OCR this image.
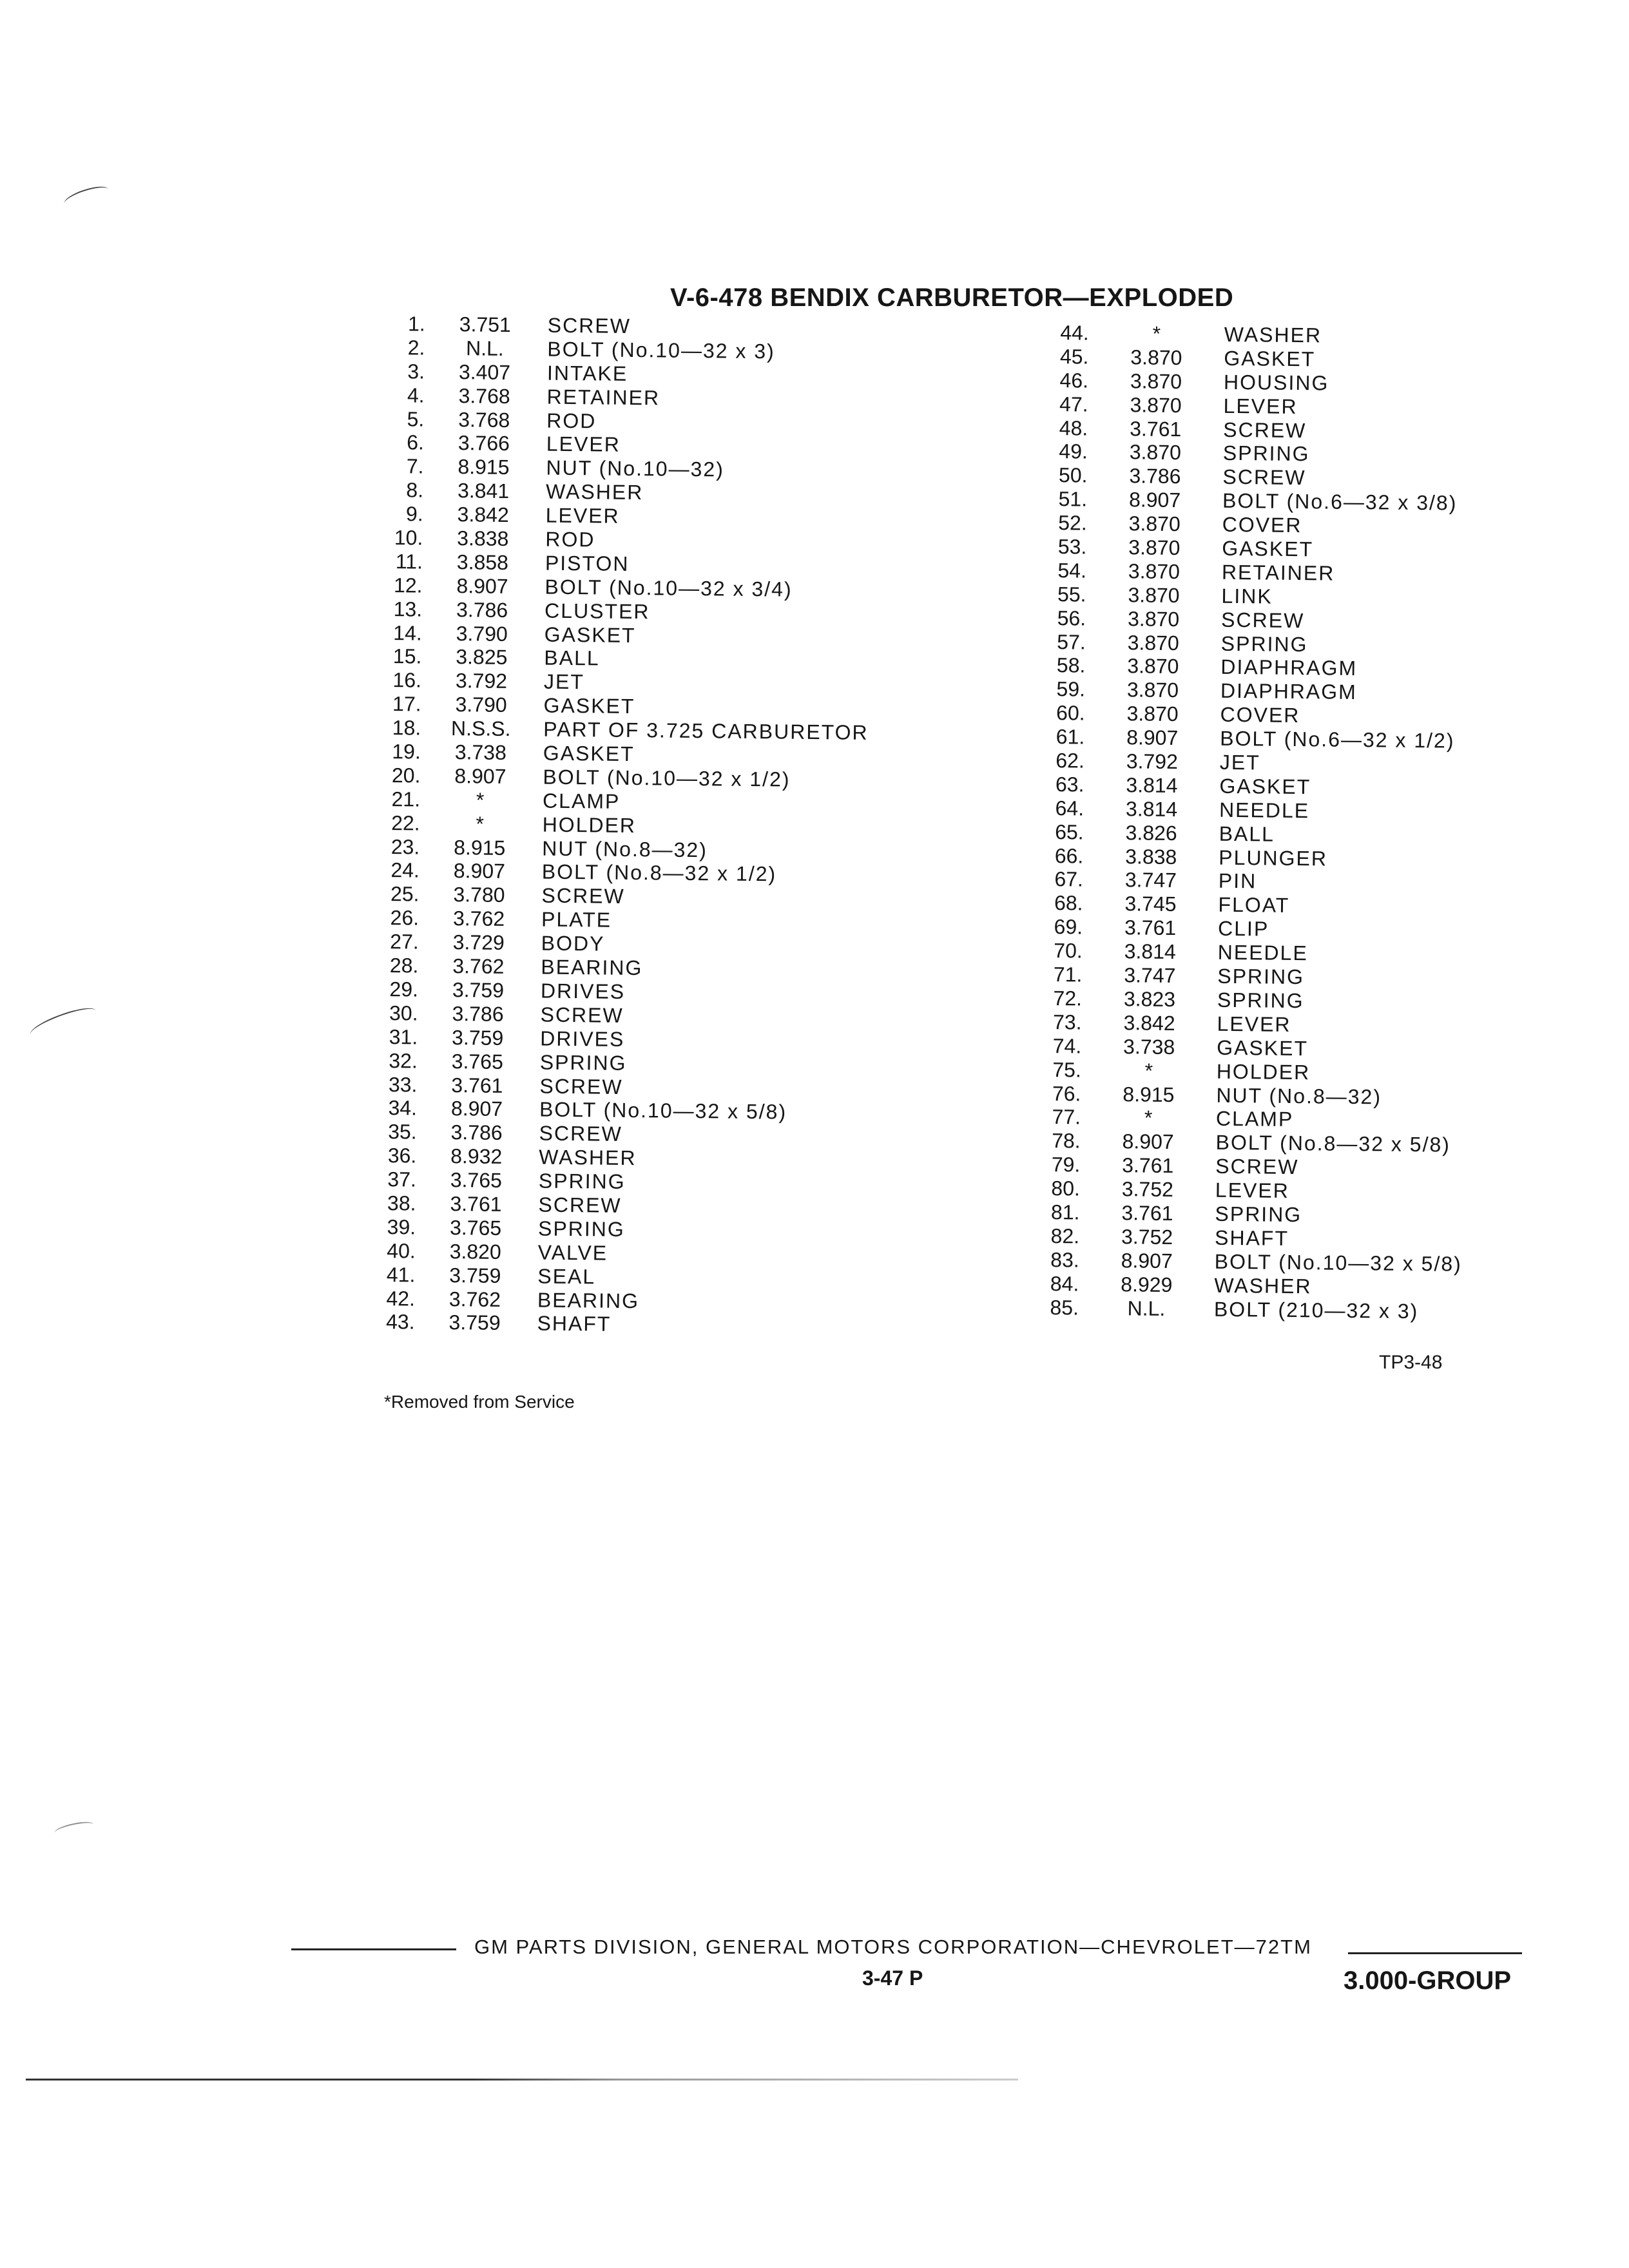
V-6-478 BENDIX CARBURETOR—EXPLODED
1.	3.751	SCREW
2.	N.L.	BOLT (No.10—32 x 3)
3.	3.407	INTAKE
4.	3.768	RETAINER
5.	3.768	ROD
6.	3.766	LEVER
7.	8.915	NUT (No.10—32)
8.	3.841	WASHER
9.	3.842	LEVER
10.	3.838	ROD
11.	3.858	PISTON
12.	8.907	BOLT (No.10—32 x 3/4)
13.	3.786	CLUSTER
14.	3.790	GASKET
15.	3.825	BALL
16.	3.792	JET
17.	3.790	GASKET
18.	N.S.S.	PART OF 3.725 CARBURETOR
19.	3.738	GASKET
20.	8.907	BOLT (No.10—32 x 1/2)
21.	*	CLAMP
22.	*	HOLDER
23.	8.915	NUT (No.8—32)
24.	8.907	BOLT (No.8—32 x 1/2)
25.	3.780	SCREW
26.	3.762	PLATE
27.	3.729	BODY
28.	3.762	BEARING
29.	3.759	DRIVES
30.	3.786	SCREW
31.	3.759	DRIVES
32.	3.765	SPRING
33.	3.761	SCREW
34.	8.907	BOLT (No.10—32 x 5/8)
35.	3.786	SCREW
36.	8.932	WASHER
37.	3.765	SPRING
38.	3.761	SCREW
39.	3.765	SPRING
40.	3.820	VALVE
41.	3.759	SEAL
42.	3.762	BEARING
43.	3.759	SHAFT
44.	*	WASHER
45.	3.870	GASKET
46.	3.870	HOUSING
47.	3.870	LEVER
48.	3.761	SCREW
49.	3.870	SPRING
50.	3.786	SCREW
51.	8.907	BOLT (No.6—32 x 3/8)
52.	3.870	COVER
53.	3.870	GASKET
54.	3.870	RETAINER
55.	3.870	LINK
56.	3.870	SCREW
57.	3.870	SPRING
58.	3.870	DIAPHRAGM
59.	3.870	DIAPHRAGM
60.	3.870	COVER
61.	8.907	BOLT (No.6—32 x 1/2)
62.	3.792	JET
63.	3.814	GASKET
64.	3.814	NEEDLE
65.	3.826	BALL
66.	3.838	PLUNGER
67.	3.747	PIN
68.	3.745	FLOAT
69.	3.761	CLIP
70.	3.814	NEEDLE
71.	3.747	SPRING
72.	3.823	SPRING
73.	3.842	LEVER
74.	3.738	GASKET
75.	*	HOLDER
76.	8.915	NUT (No.8—32)
77.	*	CLAMP
78.	8.907	BOLT (No.8—32 x 5/8)
79.	3.761	SCREW
80.	3.752	LEVER
81.	3.761	SPRING
82.	3.752	SHAFT
83.	8.907	BOLT (No.10—32 x 5/8)
84.	8.929	WASHER
85.	N.L.	BOLT (210—32 x 3)
TP3-48
*Removed from Service
GM PARTS DIVISION, GENERAL MOTORS CORPORATION—CHEVROLET—72TM
3-47 P	3.000-GROUP
